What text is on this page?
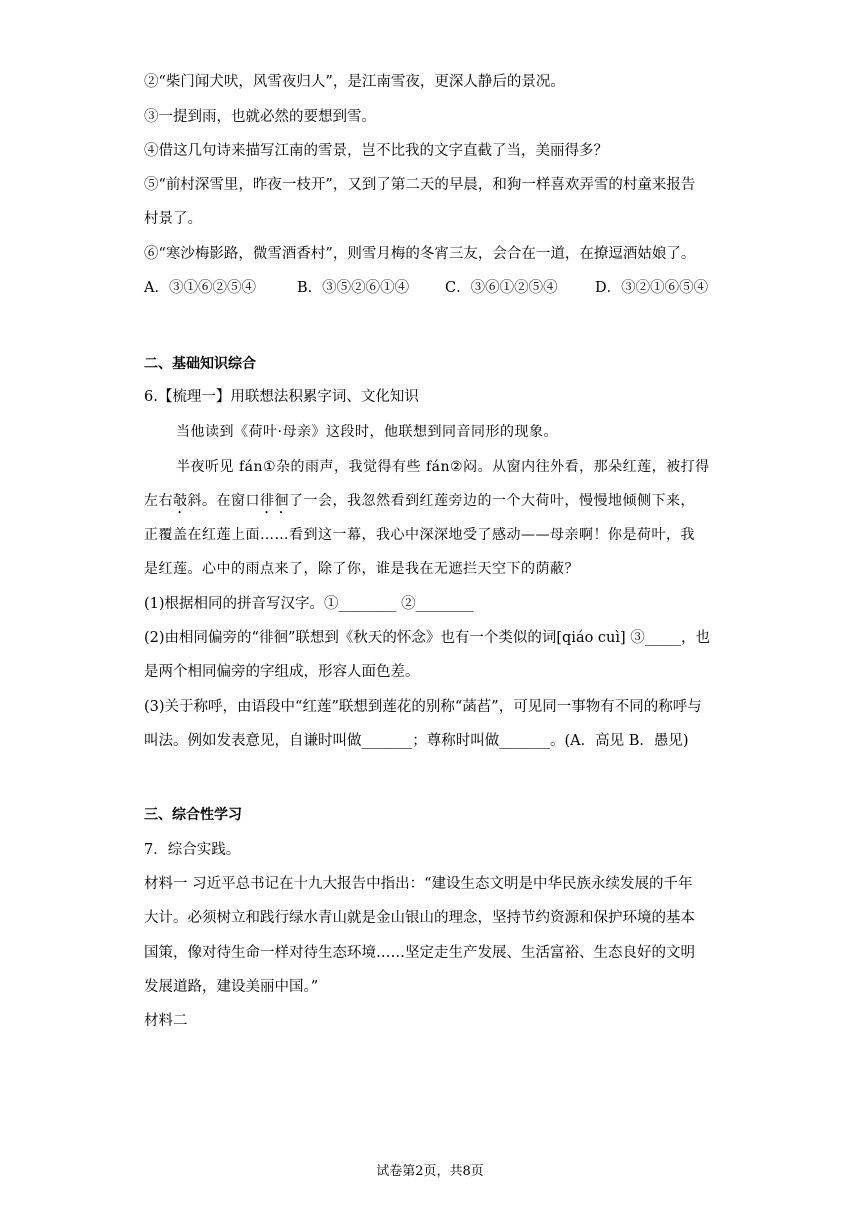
②“柴门闻犬吠，风雪夜归人”，是江南雪夜，更深人静后的景况。
③一提到雨，也就必然的要想到雪。
④借这几句诗来描写江南的雪景，岂不比我的文字直截了当，美丽得多？
⑤“前村深雪里，昨夜一枝开”，又到了第二天的早晨，和狗一样喜欢弄雪的村童来报告
村景了。
⑥“寒沙梅影路，微雪酒香村”，则雪月梅的冬宵三友，会合在一道，在撩逗酒姑娘了。
A．③①⑥②⑤④	B．③⑤②⑥①④ C．③⑥①②⑤④	D．③②①⑥⑤④
二、基础知识综合
6.【梳理一】用联想法积累字词、文化知识
当他读到《荷叶·母亲》这段时，他联想到同音同形的现象。
半夜听见 fán①杂的雨声，我觉得有些 fán②闷。从窗内往外看，那朵红莲，被打得
左右攲斜。在窗口徘徊了一会，我忽然看到红莲旁边的一个大荷叶，慢慢地倾侧下来，
正覆盖在红莲上面……看到这一幕，我心中深深地受了感动——母亲啊！你是荷叶，我
是红莲。心中的雨点来了，除了你，谁是我在无遮拦天空下的荫蔽？
(1)根据相同的拼音写汉字。①________ ②________
(2)由相同偏旁的“徘徊”联想到《秋天的怀念》也有一个类似的词[qiáo cuì] ③_____，也
是两个相同偏旁的字组成，形容人面色差。
(3)关于称呼，由语段中“红莲”联想到莲花的别称“菡萏”，可见同一事物有不同的称呼与
叫法。例如发表意见，自谦时叫做_______；尊称时叫做_______。(A．高见 B．愚见)
三、综合性学习
7．综合实践。
材料一 习近平总书记在十九大报告中指出：“建设生态文明是中华民族永续发展的千年
大计。必须树立和践行绿水青山就是金山银山的理念，坚持节约资源和保护环境的基本
国策，像对待生命一样对待生态环境……坚定走生产发展、生活富裕、生态良好的文明
发展道路，建设美丽中国。”
材料二
试卷第2页，共8页
